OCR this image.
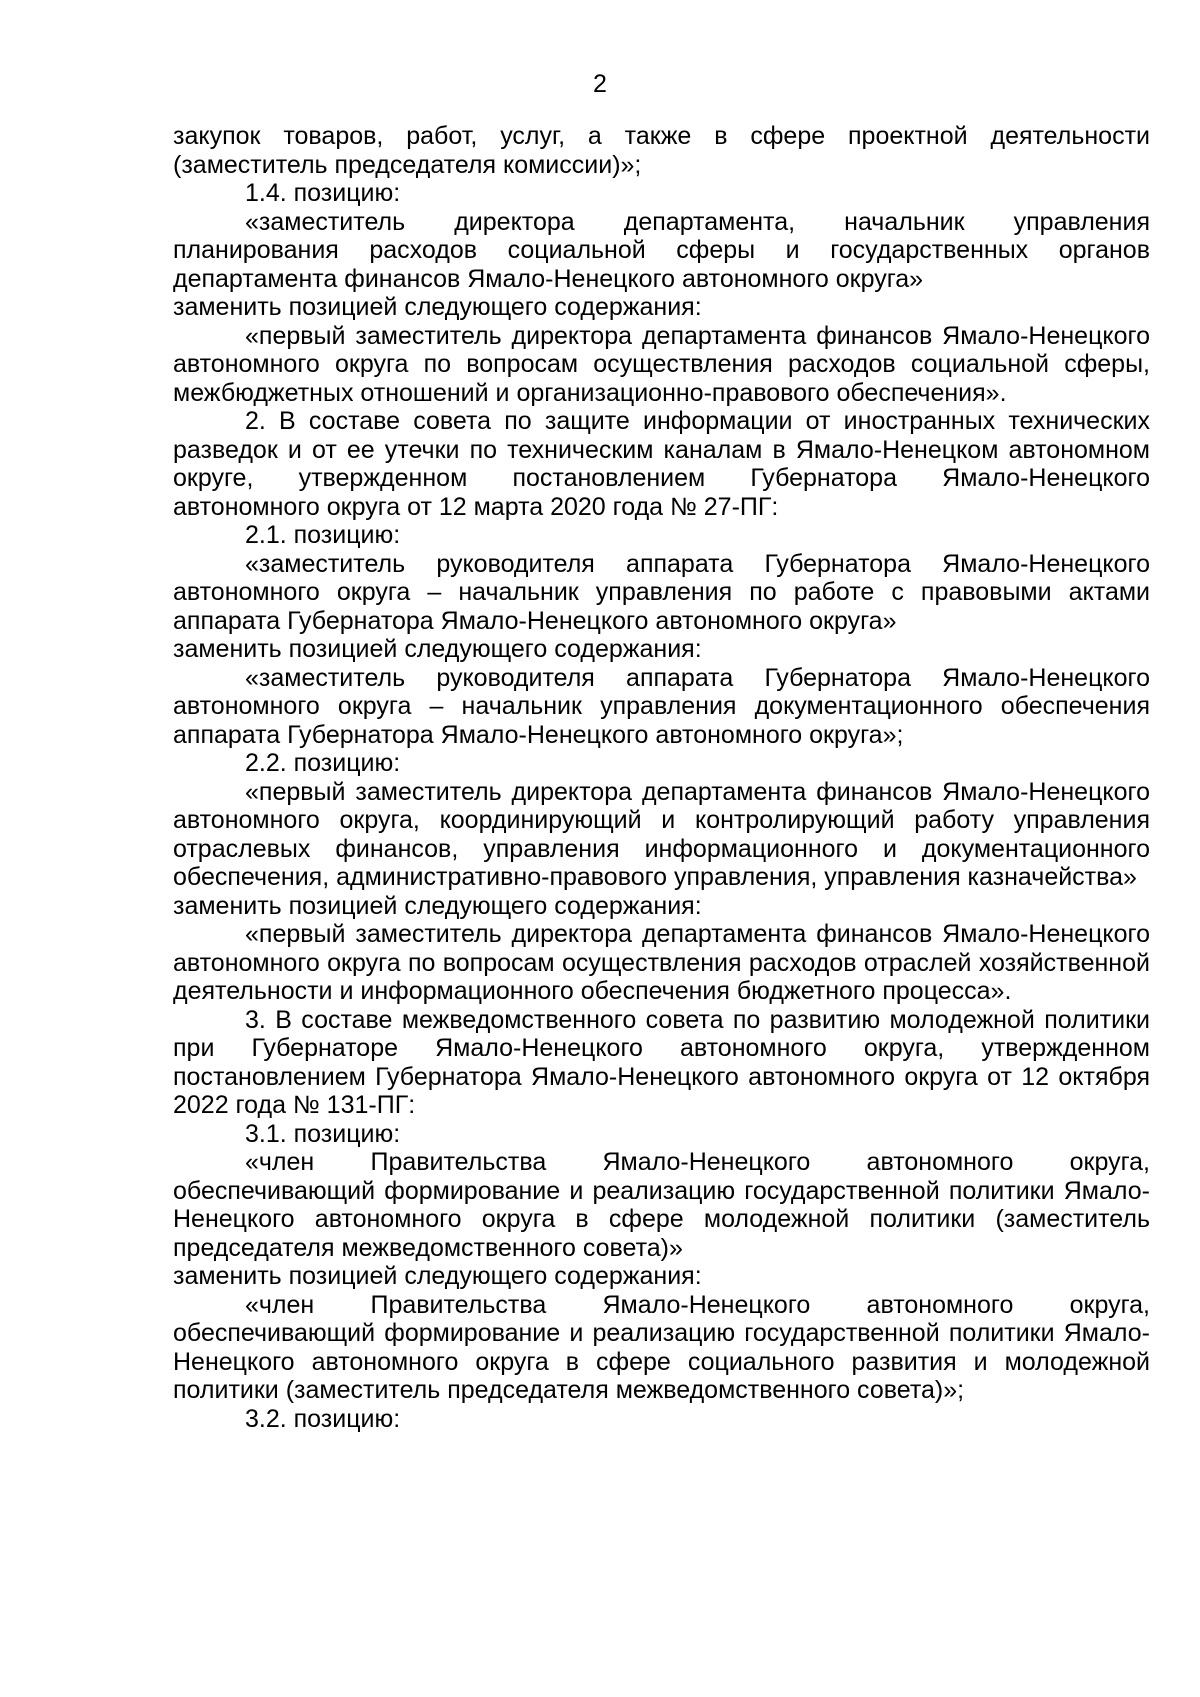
2

закупок товаров, работ, услуг, а также в сфере проектной деятельности (заместитель председателя комиссии)»;

1.4. позицию:

«заместитель директора департамента, начальник управления планирования расходов социальной сферы и государственных органов департамента финансов Ямало-Ненецкого автономного округа»

заменить позицией следующего содержания:

«первый заместитель директора департамента финансов Ямало-Ненецкого автономного округа по вопросам осуществления расходов социальной сферы, межбюджетных отношений и организационно-правового обеспечения».

2. В составе совета по защите информации от иностранных технических разведок и от ее утечки по техническим каналам в Ямало-Ненецком автономном округе, утвержденном постановлением Губернатора Ямало-Ненецкого автономного округа от 12 марта 2020 года № 27-ПГ:

2.1. позицию:

«заместитель руководителя аппарата Губернатора Ямало-Ненецкого автономного округа – начальник управления по работе с правовыми актами аппарата Губернатора Ямало-Ненецкого автономного округа»

заменить позицией следующего содержания:

«заместитель руководителя аппарата Губернатора Ямало-Ненецкого автономного округа – начальник управления документационного обеспечения аппарата Губернатора Ямало-Ненецкого автономного округа»;

2.2. позицию:

«первый заместитель директора департамента финансов Ямало-Ненецкого автономного округа, координирующий и контролирующий работу управления отраслевых финансов, управления информационного и документационного обеспечения, административно-правового управления, управления казначейства»

заменить позицией следующего содержания:

«первый заместитель директора департамента финансов Ямало-Ненецкого автономного округа по вопросам осуществления расходов отраслей хозяйственной деятельности и информационного обеспечения бюджетного процесса».

3. В составе межведомственного совета по развитию молодежной политики при Губернаторе Ямало-Ненецкого автономного округа, утвержденном постановлением Губернатора Ямало-Ненецкого автономного округа от 12 октября 2022 года № 131-ПГ:

3.1. позицию:

«член Правительства Ямало-Ненецкого автономного округа, обеспечивающий формирование и реализацию государственной политики Ямало-Ненецкого автономного округа в сфере молодежной политики (заместитель председателя межведомственного совета)»

заменить позицией следующего содержания:

«член Правительства Ямало-Ненецкого автономного округа, обеспечивающий формирование и реализацию государственной политики Ямало-Ненецкого автономного округа в сфере социального развития и молодежной политики (заместитель председателя межведомственного совета)»;

3.2. позицию:
